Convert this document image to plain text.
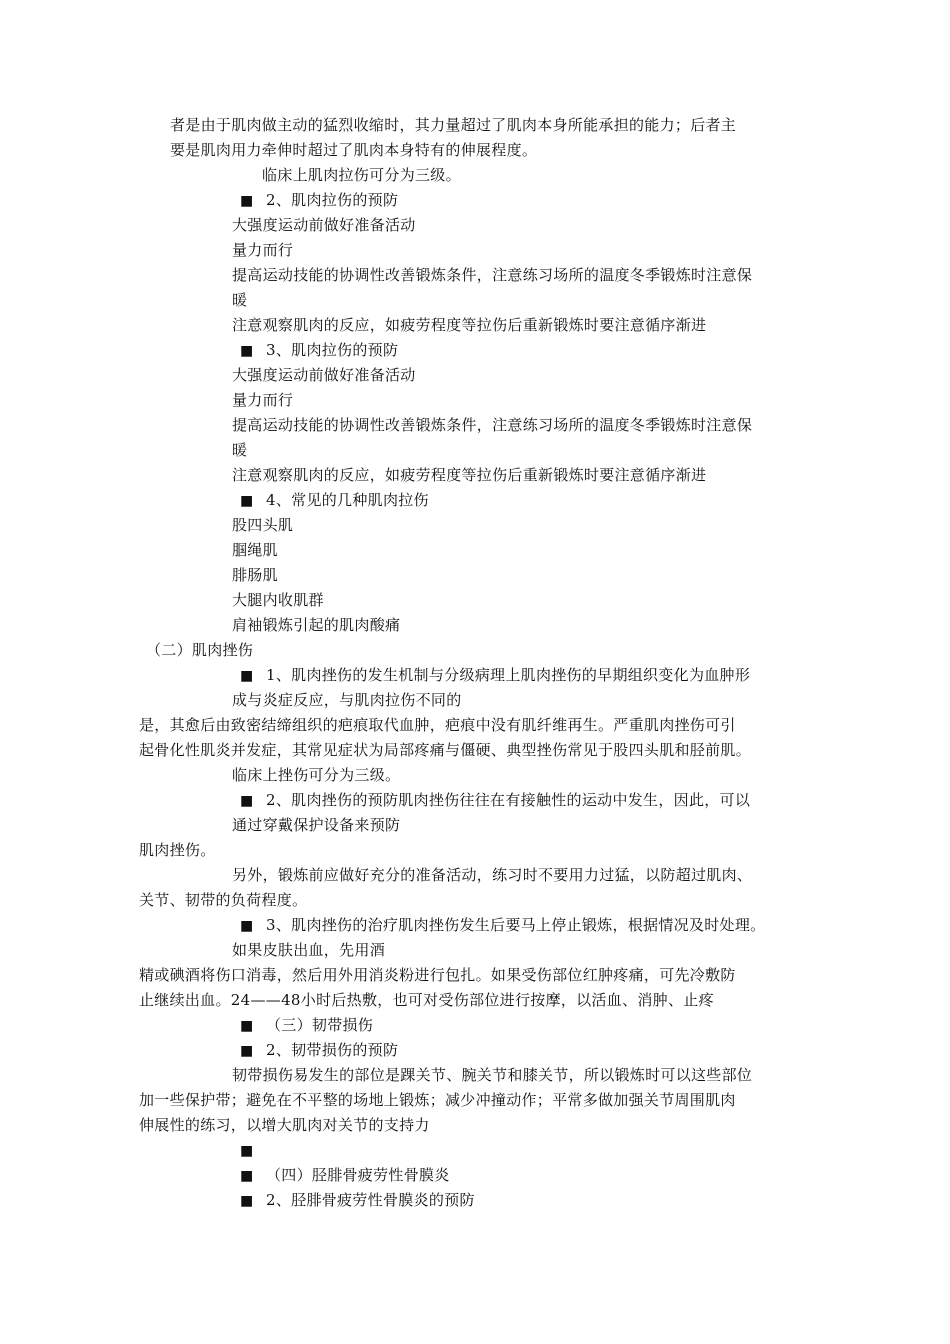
者是由于肌肉做主动的猛烈收缩时，其力量超过了肌肉本身所能承担的能力；后者主
要是肌肉用力牵伸时超过了肌肉本身特有的伸展程度。
临床上肌肉拉伤可分为三级。
■ 2、肌肉拉伤的预防
大强度运动前做好准备活动
量力而行
提高运动技能的协调性改善锻炼条件，注意练习场所的温度冬季锻炼时注意保
暖
注意观察肌肉的反应，如疲劳程度等拉伤后重新锻炼时要注意循序渐进
■ 3、肌肉拉伤的预防
大强度运动前做好准备活动
量力而行
提高运动技能的协调性改善锻炼条件，注意练习场所的温度冬季锻炼时注意保
暖
注意观察肌肉的反应，如疲劳程度等拉伤后重新锻炼时要注意循序渐进
■ 4、常见的几种肌肉拉伤
股四头肌
腘绳肌
腓肠肌
大腿内收肌群
肩袖锻炼引起的肌肉酸痛
（二）肌肉挫伤
■ 1、肌肉挫伤的发生机制与分级病理上肌肉挫伤的早期组织变化为血肿形
成与炎症反应，与肌肉拉伤不同的
是，其愈后由致密结缔组织的疤痕取代血肿，疤痕中没有肌纤维再生。严重肌肉挫伤可引
起骨化性肌炎并发症，其常见症状为局部疼痛与僵硬、典型挫伤常见于股四头肌和胫前肌。
临床上挫伤可分为三级。
■ 2、肌肉挫伤的预防肌肉挫伤往往在有接触性的运动中发生，因此，可以
通过穿戴保护设备来预防
肌肉挫伤。
另外，锻炼前应做好充分的准备活动，练习时不要用力过猛，以防超过肌肉、
关节、韧带的负荷程度。
■ 3、肌肉挫伤的治疗肌肉挫伤发生后要马上停止锻炼，根据情况及时处理。
如果皮肤出血，先用酒
精或碘酒将伤口消毒，然后用外用消炎粉进行包扎。如果受伤部位红肿疼痛，可先冷敷防
止继续出血。24——48小时后热敷，也可对受伤部位进行按摩，以活血、消肿、止疼
■ （三）韧带损伤
■ 2、韧带损伤的预防
韧带损伤易发生的部位是踝关节、腕关节和膝关节，所以锻炼时可以这些部位
加一些保护带；避免在不平整的场地上锻炼；减少冲撞动作；平常多做加强关节周围肌肉
伸展性的练习，以增大肌肉对关节的支持力
■
■ （四）胫腓骨疲劳性骨膜炎
■ 2、胫腓骨疲劳性骨膜炎的预防
